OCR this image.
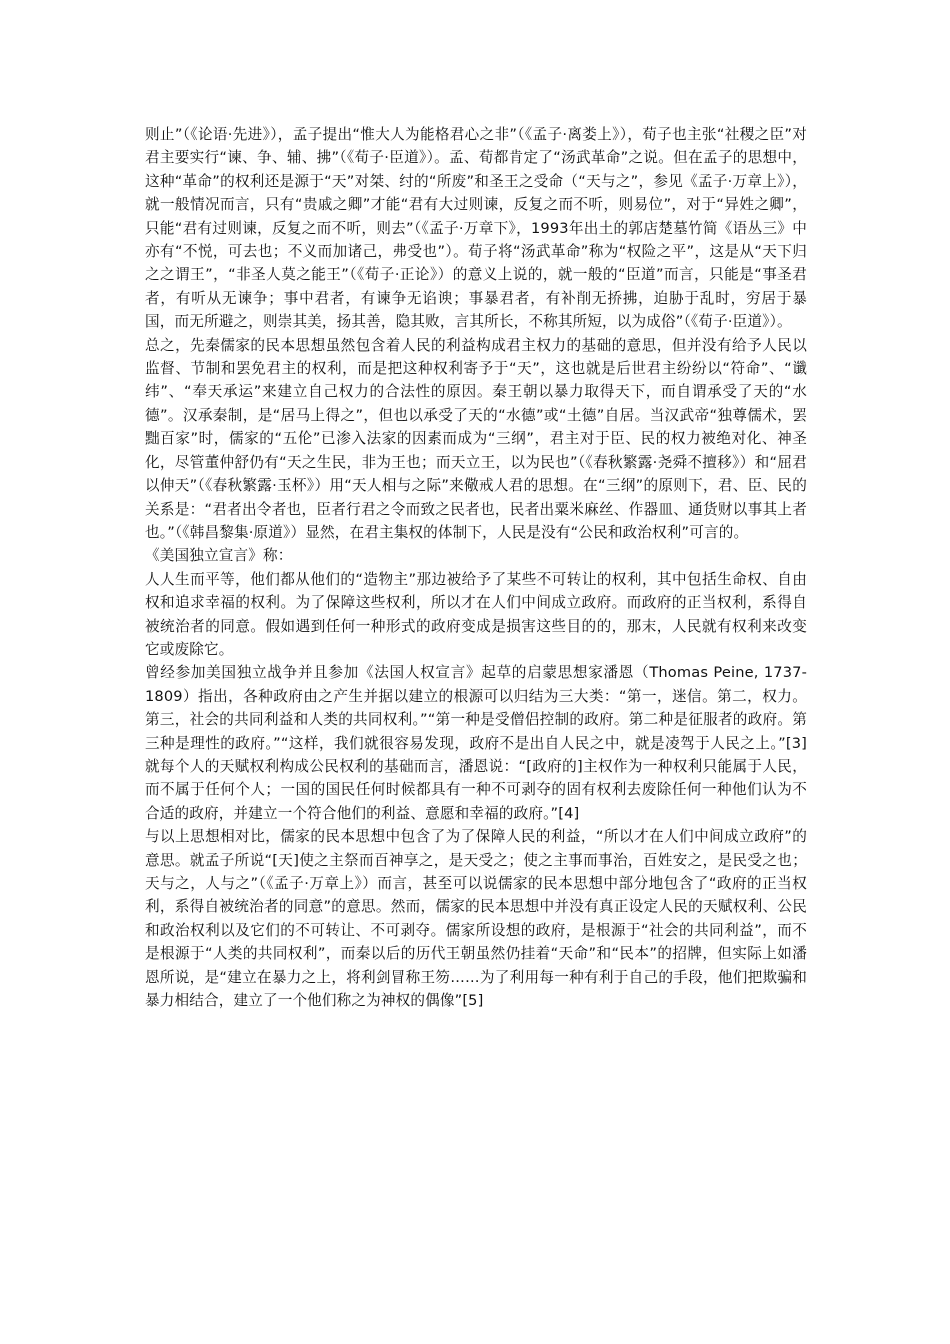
则止”（《论语·先进》），孟子提出“惟大人为能格君心之非”（《孟子·离娄上》），荀子也主张“社稷之臣”对君主要实行“谏、争、辅、拂”（《荀子·臣道》）。孟、荀都肯定了“汤武革命”之说。但在孟子的思想中，这种“革命”的权利还是源于“天”对桀、纣的“所废”和圣王之受命（“天与之”，参见《孟子·万章上》），就一般情况而言，只有“贵戚之卿”才能“君有大过则谏，反复之而不听，则易位”，对于“异姓之卿”，只能“君有过则谏，反复之而不听，则去”（《孟子·万章下》，1993年出土的郭店楚墓竹简《语丛三》中亦有“不悦，可去也；不义而加诸己，弗受也”）。荀子将“汤武革命”称为“权险之平”，这是从“天下归之之谓王”，“非圣人莫之能王”（《荀子·正论》）的意义上说的，就一般的“臣道”而言，只能是“事圣君者，有听从无谏争；事中君者，有谏争无谄谀；事暴君者，有补削无挢拂，迫胁于乱时，穷居于暴国，而无所避之，则崇其美，扬其善，隐其败，言其所长，不称其所短，以为成俗”（《荀子·臣道》）。

总之，先秦儒家的民本思想虽然包含着人民的利益构成君主权力的基础的意思，但并没有给予人民以监督、节制和罢免君主的权利，而是把这种权利寄予于“天”，这也就是后世君主纷纷以“符命”、“谶纬”、“奉天承运”来建立自己权力的合法性的原因。秦王朝以暴力取得天下，而自谓承受了天的“水德”。汉承秦制，是“居马上得之”，但也以承受了天的“水德”或“土德”自居。当汉武帝“独尊儒术，罢黜百家”时，儒家的“五伦”已渗入法家的因素而成为“三纲”，君主对于臣、民的权力被绝对化、神圣化，尽管董仲舒仍有“天之生民，非为王也；而天立王，以为民也”（《春秋繁露·尧舜不擅移》）和“屈君以伸天”（《春秋繁露·玉杯》）用“天人相与之际”来儆戒人君的思想。在“三纲”的原则下，君、臣、民的关系是：“君者出令者也，臣者行君之令而致之民者也，民者出粟米麻丝、作器皿、通货财以事其上者也。”（《韩昌黎集·原道》）显然，在君主集权的体制下，人民是没有“公民和政治权利”可言的。

《美国独立宣言》称：

人人生而平等，他们都从他们的“造物主”那边被给予了某些不可转让的权利，其中包括生命权、自由权和追求幸福的权利。为了保障这些权利，所以才在人们中间成立政府。而政府的正当权利，系得自被统治者的同意。假如遇到任何一种形式的政府变成是损害这些目的的，那末，人民就有权利来改变它或废除它。

曾经参加美国独立战争并且参加《法国人权宣言》起草的启蒙思想家潘恩（Thomas Peine, 1737-1809）指出，各种政府由之产生并据以建立的根源可以归结为三大类：“第一，迷信。第二，权力。第三，社会的共同利益和人类的共同权利。”“第一种是受僧侣控制的政府。第二种是征服者的政府。第三种是理性的政府。”“这样，我们就很容易发现，政府不是出自人民之中，就是凌驾于人民之上。”[3]就每个人的天赋权利构成公民权利的基础而言，潘恩说：“[政府的]主权作为一种权利只能属于人民，而不属于任何个人；一国的国民任何时候都具有一种不可剥夺的固有权利去废除任何一种他们认为不合适的政府，并建立一个符合他们的利益、意愿和幸福的政府。”[4]

与以上思想相对比，儒家的民本思想中包含了为了保障人民的利益，“所以才在人们中间成立政府”的意思。就孟子所说“[天]使之主祭而百神享之，是天受之；使之主事而事治，百姓安之，是民受之也；天与之，人与之”（《孟子·万章上》）而言，甚至可以说儒家的民本思想中部分地包含了“政府的正当权利，系得自被统治者的同意”的意思。然而，儒家的民本思想中并没有真正设定人民的天赋权利、公民和政治权利以及它们的不可转让、不可剥夺。儒家所设想的政府，是根源于“社会的共同利益”，而不是根源于“人类的共同权利”，而秦以后的历代王朝虽然仍挂着“天命”和“民本”的招牌，但实际上如潘恩所说，是“建立在暴力之上，将利剑冒称王笏……为了利用每一种有利于自己的手段，他们把欺骗和暴力相结合，建立了一个他们称之为神权的偶像”[5]
